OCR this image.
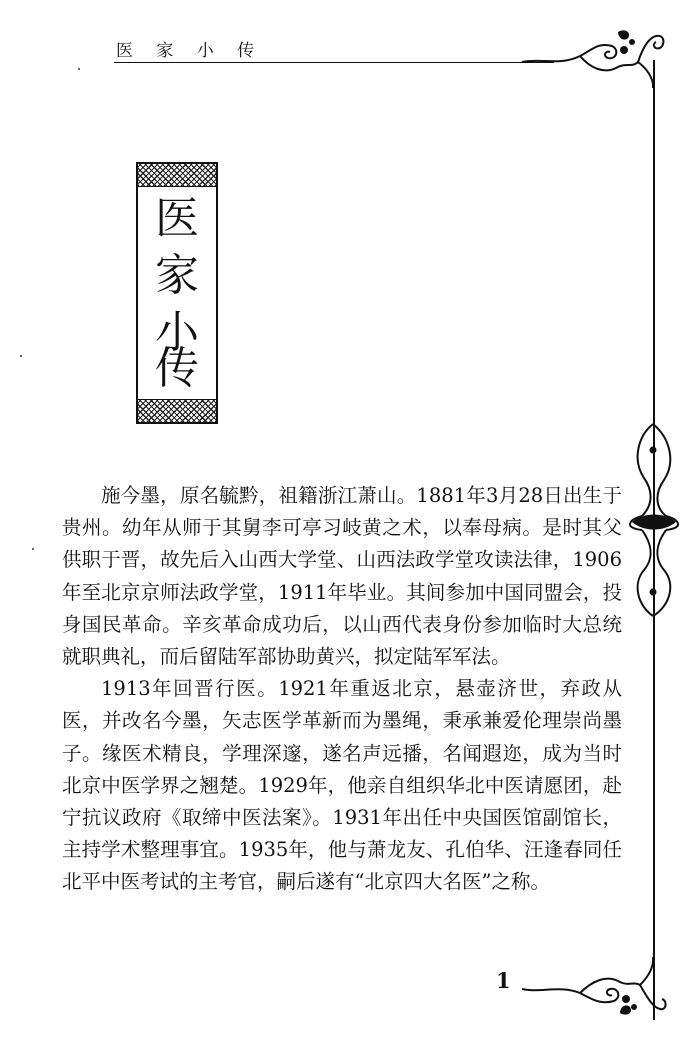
医 家 小 传
医
家
小
传

施今墨，原名毓黔，祖籍浙江萧山。1881年3月28日出生于贵州。幼年从师于其舅李可亭习岐黄之术，以奉母病。是时其父供职于晋，故先后入山西大学堂、山西法政学堂攻读法律，1906年至北京京师法政学堂，1911年毕业。其间参加中国同盟会，投身国民革命。辛亥革命成功后，以山西代表身份参加临时大总统就职典礼，而后留陆军部协助黄兴，拟定陆军军法。

1913年回晋行医。1921年重返北京，悬壶济世，弃政从医，并改名今墨，矢志医学革新而为墨绳，秉承兼爱伦理崇尚墨子。缘医术精良，学理深邃，遂名声远播，名闻遐迩，成为当时北京中医学界之翘楚。1929年，他亲自组织华北中医请愿团，赴宁抗议政府《取缔中医法案》。1931年出任中央国医馆副馆长，主持学术整理事宜。1935年，他与萧龙友、孔伯华、汪逢春同任北平中医考试的主考官，嗣后遂有“北京四大名医”之称。

1
